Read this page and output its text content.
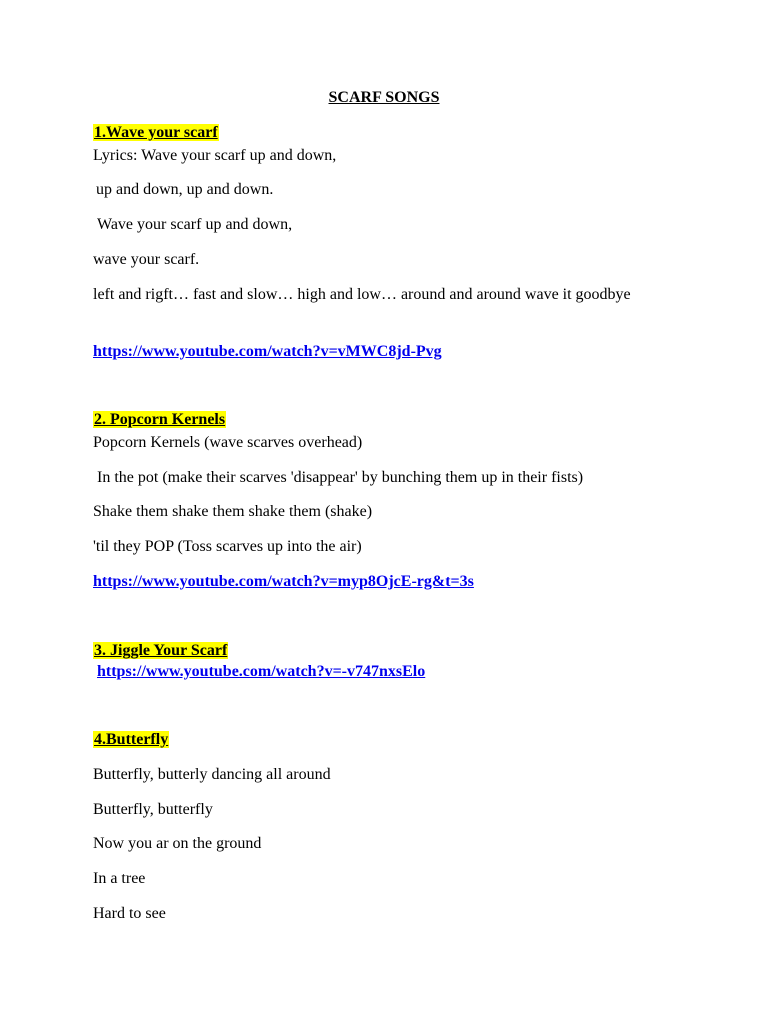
SCARF SONGS
1.Wave your scarf
Lyrics: Wave your scarf up and down,
up and down, up and down.
Wave your scarf up and down,
wave your scarf.
left and rigft… fast and slow… high and low… around and around wave it goodbye
https://www.youtube.com/watch?v=vMWC8jd-Pvg
2. Popcorn Kernels
Popcorn Kernels (wave scarves overhead)
In the pot (make their scarves 'disappear' by bunching them up in their fists)
Shake them shake them shake them (shake)
'til they POP (Toss scarves up into the air)
https://www.youtube.com/watch?v=myp8OjcE-rg&t=3s
3. Jiggle Your Scarf
https://www.youtube.com/watch?v=-v747nxsElo
4.Butterfly
Butterfly, butterly dancing all around
Butterfly, butterfly
Now you ar on the ground
In a tree
Hard to see
